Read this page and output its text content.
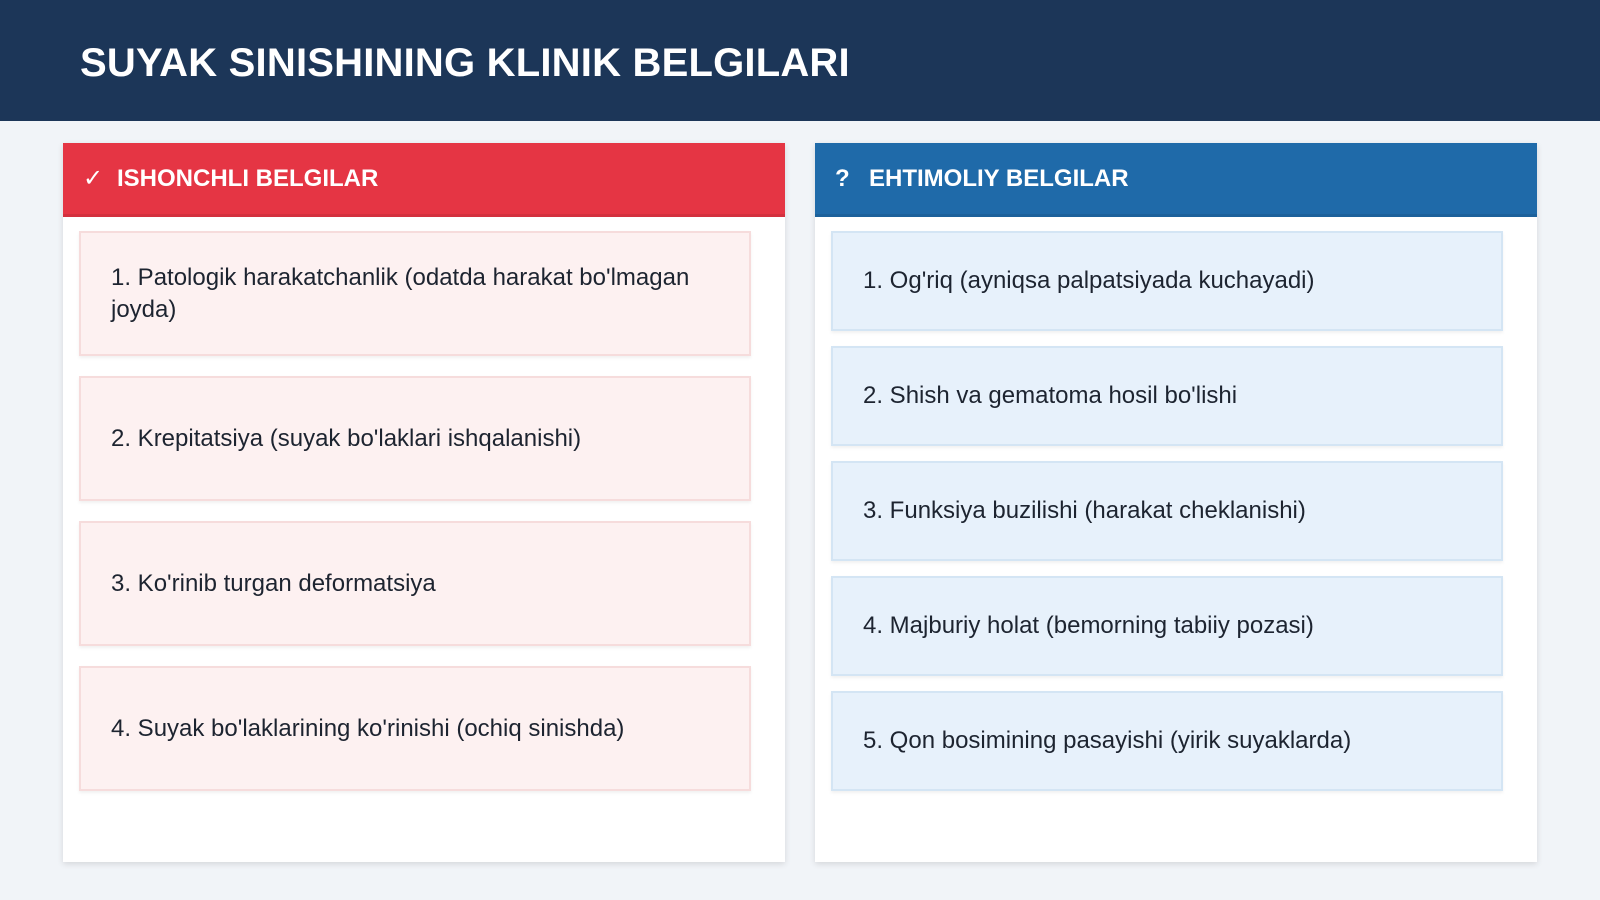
SUYAK SINISHINING KLINIK BELGILARI
✓ ISHONCHLI BELGILAR
1. Patologik harakatchanlik (odatda harakat bo'lmagan joyda)
2. Krepitatsiya (suyak bo'laklari ishqalanishi)
3. Ko'rinib turgan deformatsiya
4. Suyak bo'laklarining ko'rinishi (ochiq sinishda)
? EHTIMOLIY BELGILAR
1. Og'riq (ayniqsa palpatsiyada kuchayadi)
2. Shish va gematoma hosil bo'lishi
3. Funksiya buzilishi (harakat cheklanishi)
4. Majburiy holat (bemorning tabiiy pozasi)
5. Qon bosimining pasayishi (yirik suyaklarda)
